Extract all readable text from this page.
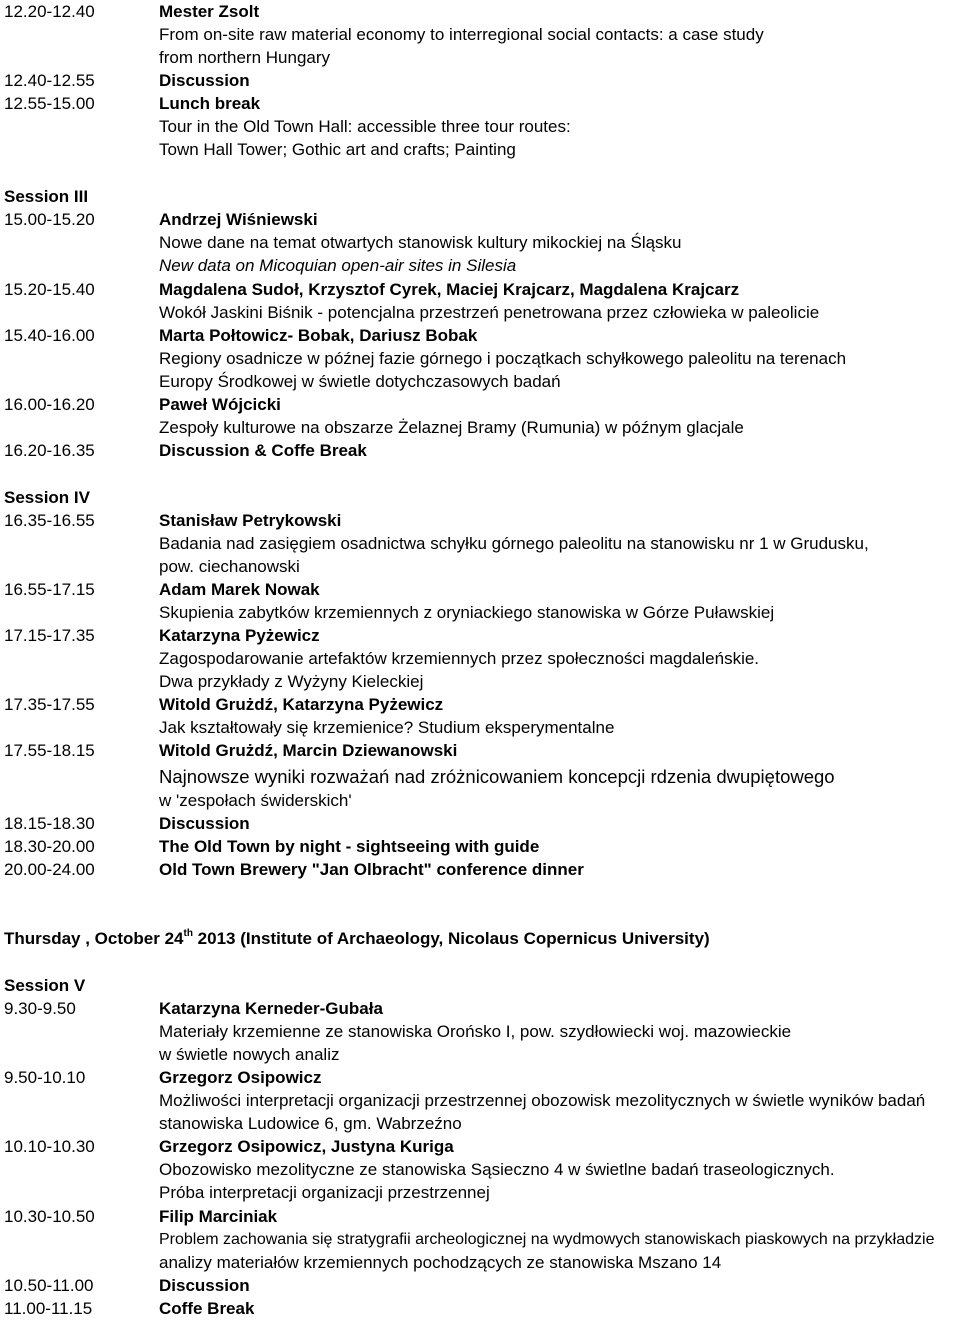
Thursday , October 24th 2013 (Institute of Archaeology, Nicolaus Copernicus University)
12.20-12.40	Mester Zsolt
From on-site raw material economy to interregional social contacts: a case study
from northern Hungary
12.40-12.55	Discussion
12.55-15.00	Lunch break
Tour in the Old Town Hall: accessible three tour routes:
Town Hall Tower; Gothic art and crafts; Painting
Session III
15.00-15.20	Andrzej Wiśniewski
Nowe dane na temat otwartych stanowisk kultury mikockiej na Śląsku
New data on Micoquian open-air sites in Silesia
15.20-15.40	Magdalena Sudoł, Krzysztof Cyrek, Maciej Krajcarz, Magdalena Krajcarz
Wokół Jaskini Biśnik - potencjalna przestrzeń penetrowana przez człowieka w paleolicie
15.40-16.00	Marta Połtowicz- Bobak, Dariusz Bobak
Regiony osadnicze w późnej fazie górnego i początkach schyłkowego paleolitu na terenach
Europy Środkowej w świetle dotychczasowych badań
16.00-16.20	Paweł Wójcicki
Zespoły kulturowe na obszarze Żelaznej Bramy (Rumunia) w późnym glacjale
16.20-16.35	Discussion & Coffe Break
Session IV
16.35-16.55	Stanisław Petrykowski
Badania nad zasięgiem osadnictwa schyłku górnego paleolitu na stanowisku nr 1 w Grudusku,
pow. ciechanowski
16.55-17.15	Adam Marek Nowak
Skupienia zabytków krzemiennych z oryniackiego stanowiska w Górze Puławskiej
17.15-17.35	Katarzyna Pyżewicz
Zagospodarowanie artefaktów krzemiennych przez społeczności magdaleńskie.
Dwa przykłady z Wyżyny Kieleckiej
17.35-17.55	Witold Grużdź, Katarzyna Pyżewicz
Jak kształtowały się krzemienice? Studium eksperymentalne
17.55-18.15	Witold Grużdź, Marcin Dziewanowski
Najnowsze wyniki rozważań nad zróżnicowaniem koncepcji rdzenia dwupiętowego
w 'zespołach świderskich'
18.15-18.30	Discussion
18.30-20.00	The Old Town by night - sightseeing with guide
20.00-24.00	Old Town Brewery "Jan Olbracht" conference dinner
Session V
9.30-9.50	Katarzyna Kerneder-Gubała
Materiały krzemienne ze stanowiska Orońsko I, pow. szydłowiecki woj. mazowieckie
w świetle nowych analiz
9.50-10.10	Grzegorz Osipowicz
Możliwości interpretacji organizacji przestrzennej obozowisk mezolitycznych w świetle wyników badań
stanowiska Ludowice 6, gm. Wabrzeźno
10.10-10.30	Grzegorz Osipowicz, Justyna Kuriga
Obozowisko mezolityczne ze stanowiska Sąsieczno 4 w świetlne badań traseologicznych.
Próba interpretacji organizacji przestrzennej
10.30-10.50	Filip Marciniak
Problem zachowania się stratygrafii archeologicznej na wydmowych stanowiskach piaskowych na przykładzie
analizy materiałów krzemiennych pochodzących ze stanowiska Mszano 14
10.50-11.00	Discussion
11.00-11.15	Coffe Break
